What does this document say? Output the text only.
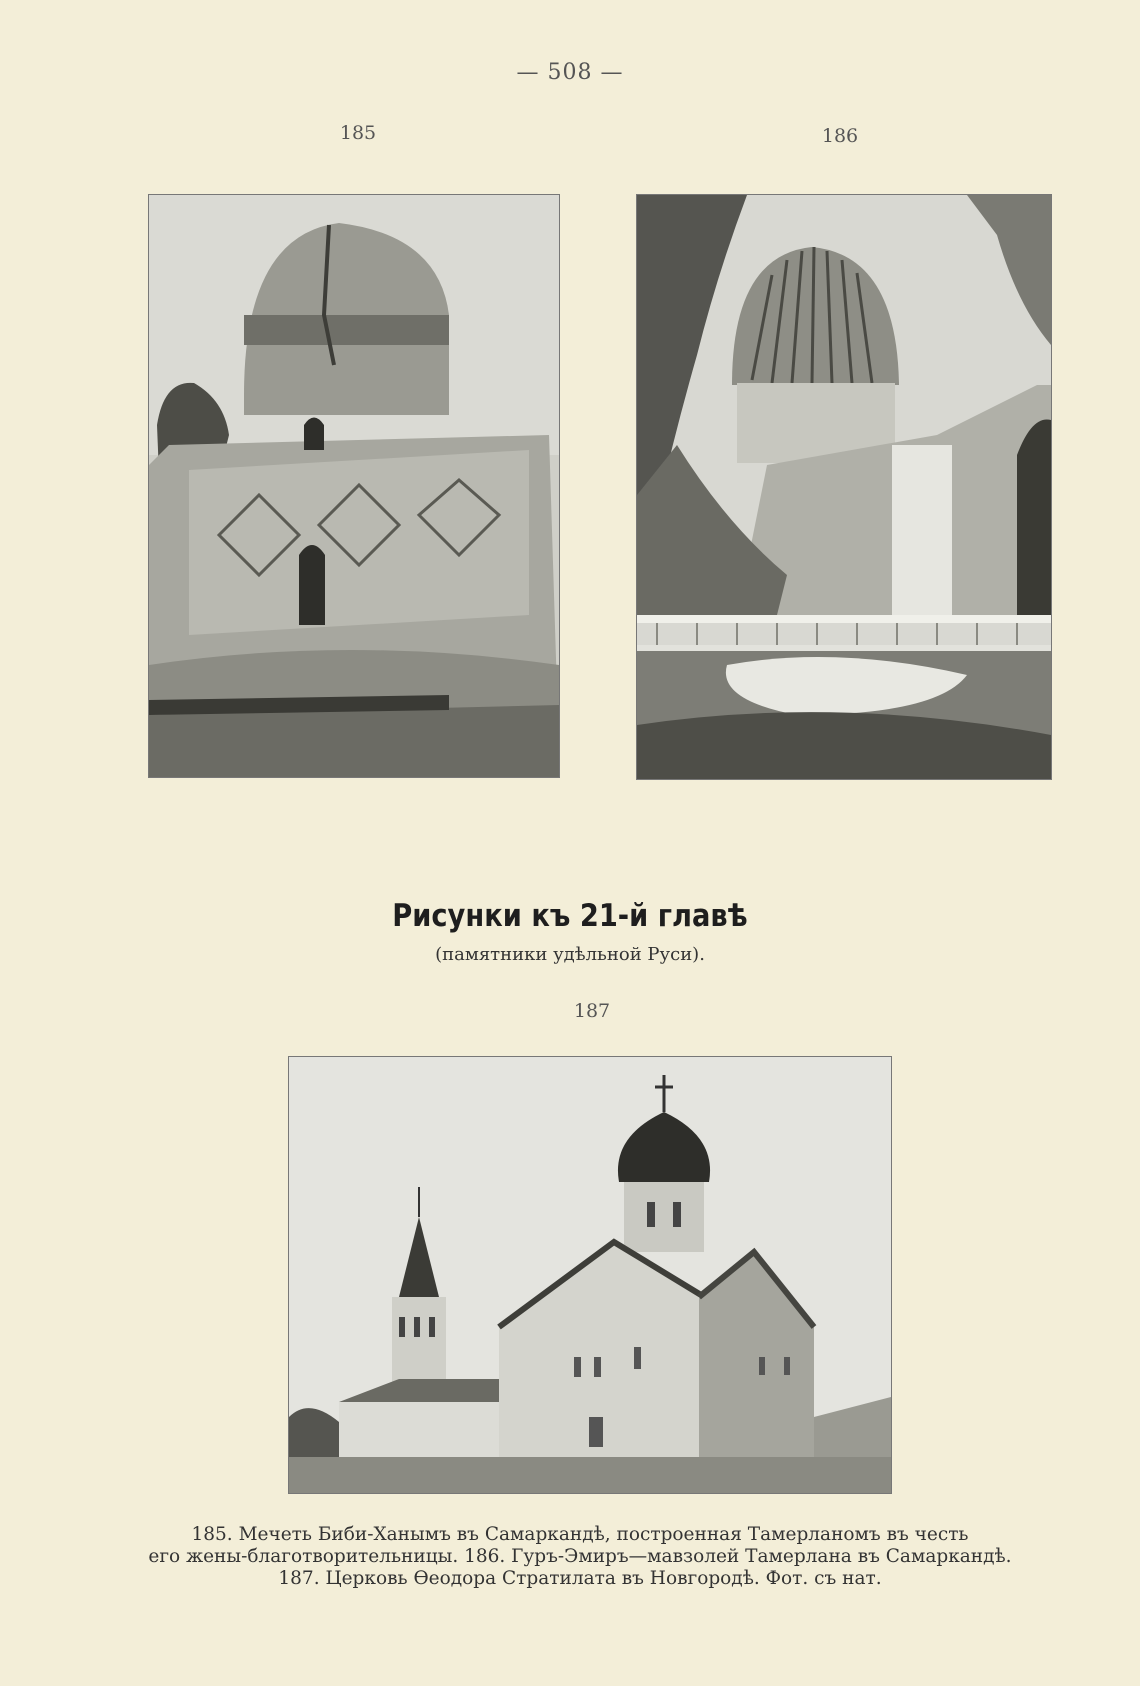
— 508 —
185	186
Рисунки къ 21-й главѣ
(памятники удѣльной Руси).
187
185. Мечеть Биби-Ханымъ въ Самаркандѣ, построенная Тамерланомъ въ честь
его жены-благотворительницы. 186. Гуръ-Эмиръ—мавзолей Тамерлана въ Самаркандѣ.
187. Церковь Ѳеодора Стратилата въ Новгородѣ. Фот. съ нат.
